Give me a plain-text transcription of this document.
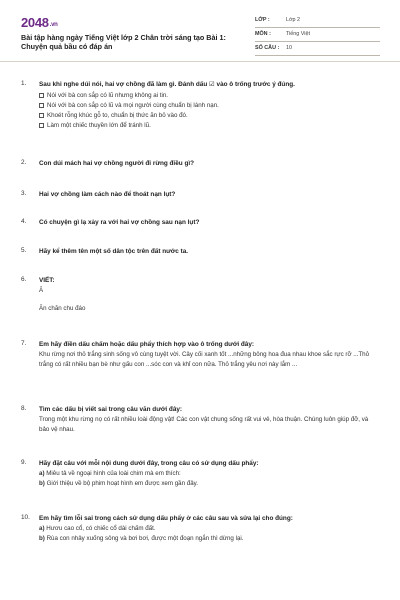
2048.vn
Bài tập hàng ngày Tiếng Việt lớp 2 Chân trời sáng tạo Bài 1: Chuyện quả bầu có đáp án
LỚP :	Lớp 2
MÔN :	Tiếng Việt
SỐ CÂU : 10
1.	Sau khi nghe dúi nói, hai vợ chồng đã làm gì. Đánh dấu ☑ vào ô trống trước ý đúng.
Nói với bà con sắp có lũ nhưng không ai tin.
Nói với bà con sắp có lũ và mọi người cùng chuẩn bị lánh nạn.
Khoét rỗng khúc gỗ to, chuẩn bị thức ăn bỏ vào đó.
Làm một chiếc thuyền lớn để tránh lũ.
2.	Con dúi mách hai vợ chồng người đi rừng điều gì?
3.	Hai vợ chồng làm cách nào để thoát nạn lụt?
4.	Có chuyện gì lạ xảy ra với hai vợ chồng sau nạn lụt?
5.	Hãy kể thêm tên một số dân tộc trên đất nước ta.
6.	VIẾT:
Ă
Ăn chăn chu đáo
7.	Em hãy điền dấu chấm hoặc dấu phẩy thích hợp vào ô trống dưới đây:
Khu rừng nơi thỏ trắng sinh sống vô cùng tuyệt vời. Cây cối xanh tốt ...những bông hoa đua nhau khoe sắc rực rỡ ...Thỏ trắng có rất nhiều bạn bè như gấu con ...sóc con và khỉ con nữa. Thỏ trắng yêu nơi này lắm ...
8.	Tìm các dấu bị viết sai trong câu văn dưới đây:
Trong một khu rừng nọ có rất nhiều loài động vật! Các con vật chung sống rất vui vẻ, hòa thuận. Chúng luôn giúp đỡ, và bảo vệ nhau.
9.	Hãy đặt câu với mỗi nội dung dưới đây, trong câu có sử dụng dấu phẩy:
a) Miêu tả về ngoại hình của loài chim mà em thích:
b) Giới thiệu về bộ phim hoạt hình em được xem gần đây.
10.	Em hãy tìm lỗi sai trong cách sử dụng dấu phẩy ở các câu sau và sửa lại cho đúng:
a) Hươu cao cổ, có chiếc cổ dài chấm đất.
b) Rùa con nhảy xuống sông và bơi bơi, được một đoạn ngắn thì dừng lại.
